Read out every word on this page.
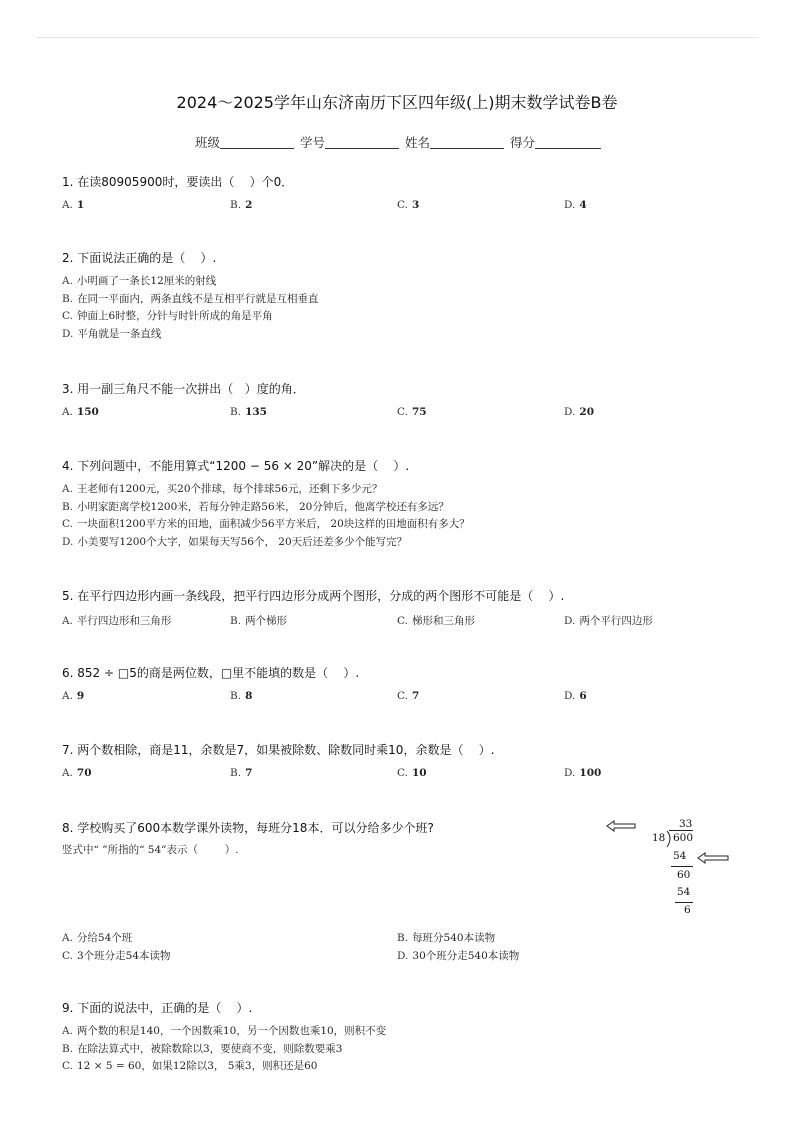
2024～2025学年山东济南历下区四年级(上)期末数学试卷B卷
班级	学号	姓名	得分
1. 在读80905900时，要读出（    ）个0．
A. 1	B. 2	C. 3	D. 4
2. 下面说法正确的是（    ）.
A. 小明画了一条长12厘米的射线
B. 在同一平面内，两条直线不是互相平行就是互相垂直
C. 钟面上6时整，分针与时针所成的角是平角
D. 平角就是一条直线
3. 用一副三角尺不能一次拼出（   ）度的角．
A. 150	B. 135	C. 75	D. 20
4. 下列问题中，不能用算式“1200 − 56 × 20”解决的是（    ）.
A. 王老师有1200元，买20个排球，每个排球56元，还剩下多少元？
B. 小明家距离学校1200米，若每分钟走路56米， 20分钟后，他离学校还有多远？
C. 一块面积1200平方米的田地，面积减少56平方米后， 20块这样的田地面积有多大？
D. 小美要写1200个大字，如果每天写56个， 20天后还差多少个能写完？
5. 在平行四边形内画一条线段，把平行四边形分成两个图形，分成的两个图形不可能是（    ）.
A. 平行四边形和三角形	B. 两个梯形	C. 梯形和三角形	D. 两个平行四边形
6. 852 ÷ □5的商是两位数，□里不能填的数是（    ）.
A. 9	B. 8	C. 7	D. 6
7. 两个数相除，商是11，余数是7，如果被除数、除数同时乘10，余数是（    ）.
A. 70	B. 7	C. 10	D. 100
8. 学校购买了600本数学课外读物，每班分18本．可以分给多少个班?
竖式中“ ”所指的“ 54”表示（        ）.
33
18 600
54
60
54
6
A. 分给54个班	B. 每班分540本读物
C. 3个班分走54本读物	D. 30个班分走540本读物
9. 下面的说法中，正确的是（    ）.
A. 两个数的积是140，一个因数乘10，另一个因数也乘10，则积不变
B. 在除法算式中，被除数除以3，要使商不变，则除数要乘3
C. 12 × 5 = 60，如果12除以3， 5乘3，则积还是60
